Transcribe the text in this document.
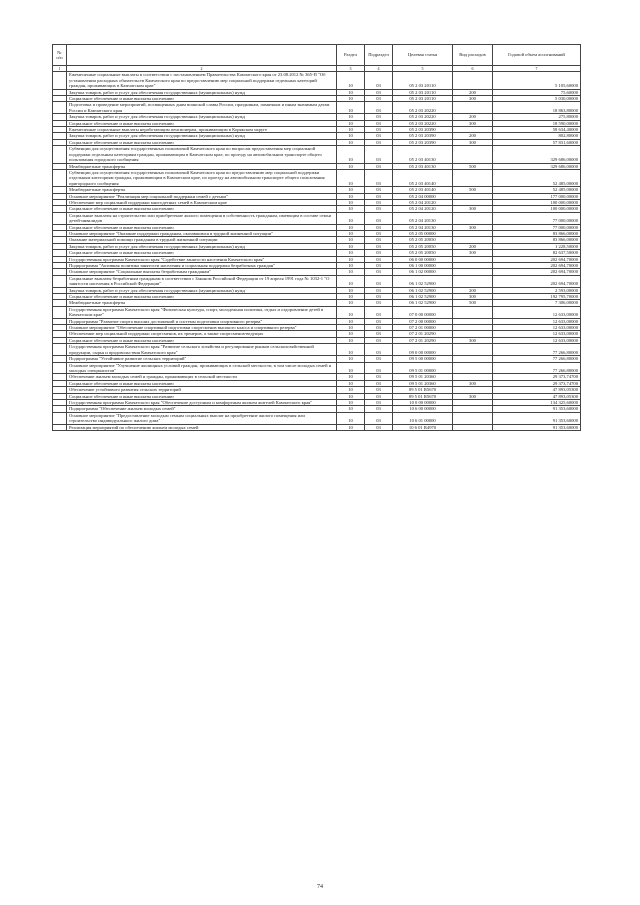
№ п/п		Раздел	Подраздел	Целевая статья	Вид расходов	Годовой объем ассигнований
1	2	3	4	5	6	7
	Ежемесячные социальные выплаты в соответствии с постановлением Правительства Камчатского края от 23.08.2012 № 365-П "Об установлении расходных обязательств Камчатского края по предоставлению мер социальной поддержки отдельных категорий граждан, проживающих в Камчатском крае"	10	03	05 2 03 20110		5 105,60000
	Закупка товаров, работ и услуг для обеспечения государственных (муниципальных) нужд	10	03	05 2 03 20110	200	75,60000
	Социальное обеспечение и иные выплаты населению	10	03	05 2 03 20110	300	5 030,00000
	Подготовка и проведение мероприятий, посвященных дням воинской славы России, праздникам, памятным и иным значимым датам России и Камчатского края	10	03	05 2 03 20220		18 863,80000
	Закупка товаров, работ и услуг для обеспечения государственных (муниципальных) нужд	10	03	05 2 03 20220	200	275,80000
	Социальное обеспечение и иные выплаты населению	10	03	05 2 03 20220	300	18 590,00000
	Ежемесячные социальные выплаты неработающим пенсионерам, проживающим в Корякском округе	10	03	05 2 03 20390		58 634,40000
	Закупка товаров, работ и услуг для обеспечения государственных (муниципальных) нужд	10	03	05 2 03 20390	200	802,80000
	Социальное обеспечение и иные выплаты населению	10	03	05 2 03 20390	300	57 831,60000
	Субвенции для осуществления государственных полномочий Камчатского края по вопросам предоставления мер социальной поддержки отдельным категориям граждан, проживающим в Камчатском крае, по проезду на автомобильном транспорте общего пользования городского сообщения	10	03	05 2 03 40130		329 686,00000
	Межбюджетные трансферты	10	03	05 2 03 40130	500	329 686,00000
	Субвенции для осуществления государственных полномочий Камчатского края по предоставлению мер социальной поддержки отдельным категориям граждан, проживающим в Камчатском крае, по проезду на автомобильном транспорте общего пользования пригородного сообщения	10	03	05 2 03 40140		52 485,00000
	Межбюджетные трансферты	10	03	05 2 03 40140	500	52 485,00000
	Основное мероприятие "Реализация мер социальной поддержки семей с детьми"	10	03	05 2 04 00000		177 000,00000
	Обеспечение мер социальной поддержки многодетных семей в Камчатском крае	10	03	05 2 04 20120		100 000,00000
	Социальное обеспечение и иные выплаты населению	10	03	05 2 04 20120	300	100 000,00000
	Социальные выплаты на строительство или приобретение жилого помещения в собственность гражданам, имеющим в составе семьи детей-инвалидов	10	03	05 2 04 20130		77 000,00000
	Социальное обеспечение и иные выплаты населению	10	03	05 2 04 20130	300	77 000,00000
	Основное мероприятие "Оказание поддержки гражданам, оказавшимся в трудной жизненной ситуации"	10	03	05 2 05 00000		83 866,00000
	Оказание материальной помощи гражданам в трудной жизненной ситуации	10	03	05 2 05 20050		83 866,00000
	Закупка товаров, работ и услуг для обеспечения государственных (муниципальных) нужд	10	03	05 2 05 20050	200	1 228,50000
	Социальное обеспечение и иные выплаты населению	10	03	05 2 05 20050	300	82 637,50000
	Государственная программа Камчатского края "Содействие занятости населения Камчатского края"	10	03	06 0 00 00000		202 694,70000
	Подпрограмма "Активная политика занятости населения и социальная поддержка безработных граждан"	10	03	06 1 00 00000		202 694,70000
	Основное мероприятие "Социальные выплаты безработным гражданам"	10	03	06 1 02 00000		202 694,70000
	Социальные выплаты безработным гражданам в соответствии с Законом Российской Федерации от 19 апреля 1991 года № 1032-1 "О занятости населения в Российской Федерации"	10	03	06 1 02 52900		202 694,70000
	Закупка товаров, работ и услуг для обеспечения государственных (муниципальных) нужд	10	03	06 1 02 52900	200	2 593,00000
	Социальное обеспечение и иные выплаты населению	10	03	06 1 02 52900	300	192 795,70000
	Межбюджетные трансферты	10	03	06 1 02 52900	500	7 306,00000
	Государственная программа Камчатского края "Физическая культура, спорт, молодежная политика, отдых и оздоровление детей в Камчатском крае"	10	03	07 0 00 00000		12 633,00000
	Подпрограмма "Развитие спорта высших достижений и системы подготовки спортивного резерва"	10	03	07 2 00 00000		12 633,00000
	Основное мероприятие "Обеспечение спортивной подготовки спортсменов высокого класса и спортивного резерва"	10	03	07 2 01 00000		12 633,00000
	Обеспечение мер социальной поддержки спортсменов, их тренеров, а также спортсменов-ведущих	10	03	07 2 01 20290		12 633,00000
	Социальное обеспечение и иные выплаты населению	10	03	07 2 01 20290	300	12 633,00000
	Государственная программа Камчатского края "Развитие сельского хозяйства и регулирование рынков сельскохозяйственной продукции, сырья и продовольствия Камчатского края"	10	03	09 0 00 00000		77 266,80000
	Подпрограмма "Устойчивое развитие сельских территорий"	10	03	09 5 00 00000		77 266,80000
	Основное мероприятие "Улучшение жилищных условий граждан, проживающих в сельской местности, в том числе молодых семей и молодых специалистов"	10	03	09 5 01 00000		77 266,80000
	Обеспечение жильем молодых семей и граждан, проживающих в сельской местности	10	03	09 5 01 20360		29 373,74700
	Социальное обеспечение и иные выплаты населению	10	03	09 5 01 20360	300	29 373,74700
	Обеспечение устойчивого развития сельских территорий	10	03	09 5 01 R5670		47 893,05300
	Социальное обеспечение и иные выплаты населению	10	03	09 5 01 R5670	300	47 893,05300
	Государственная программа Камчатского края "Обеспечение доступным и комфортным жильем жителей Камчатского края"	10	03	10 0 00 00000		134 325,60000
	Подпрограмма "Обеспечение жильем молодых семей"	10	03	10 6 00 00000		91 353,60000
	Основное мероприятие "Предоставление молодым семьям социальных выплат на приобретение жилого помещения или строительство индивидуального жилого дома"	10	03	10 6 01 00000		91 353,60000
	Реализация мероприятий по обеспечению жильем молодых семей	10	03	10 6 01 R4970		91 353,60000
74
